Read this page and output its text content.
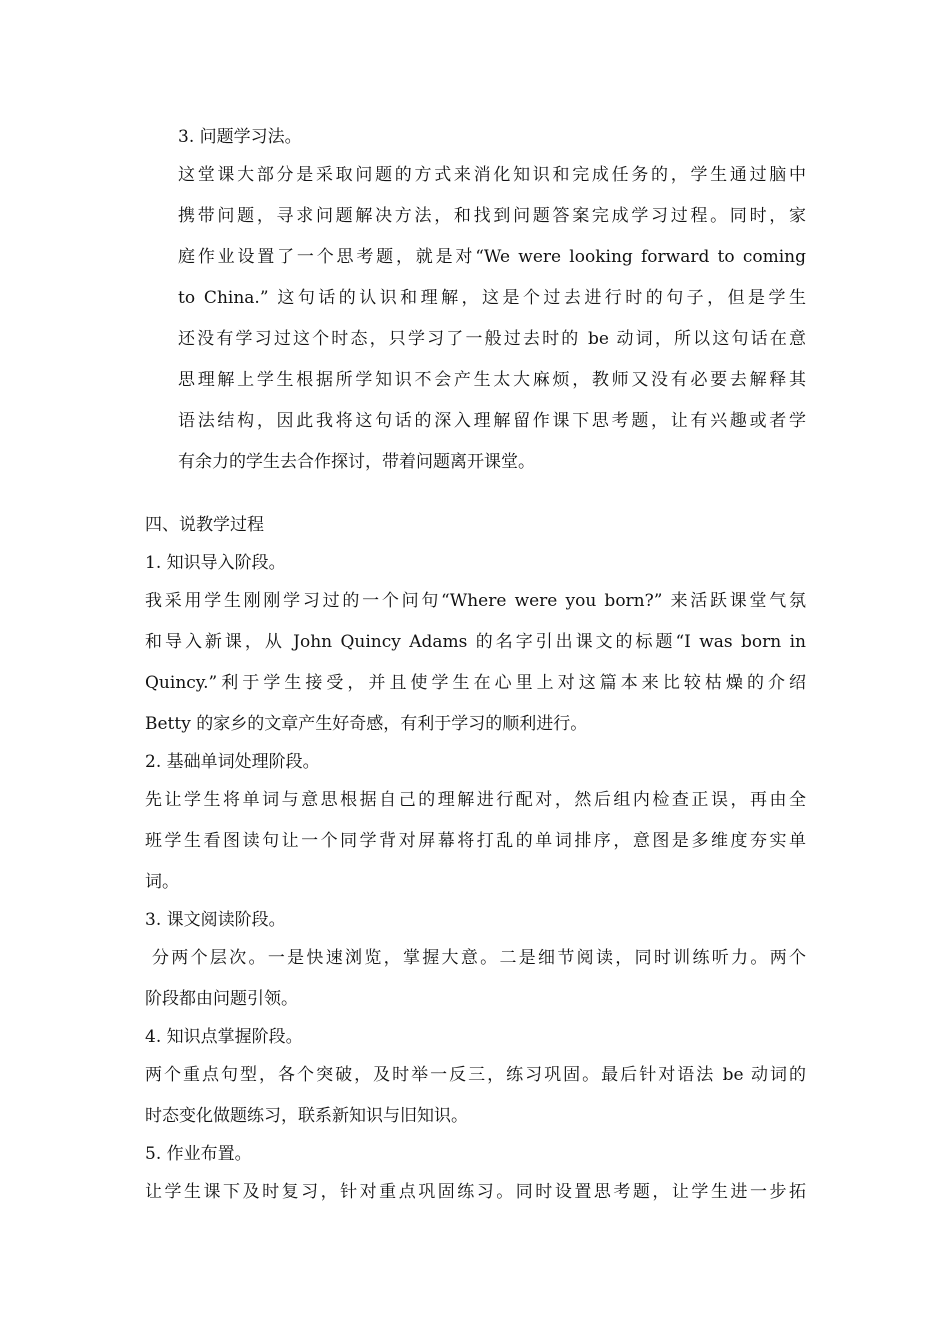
3. 问题学习法。
这堂课大部分是采取问题的方式来消化知识和完成任务的，学生通过脑中
携带问题，寻求问题解决方法，和找到问题答案完成学习过程。同时，家
庭作业设置了一个思考题，就是对“We were looking forward to coming
to China.” 这句话的认识和理解，这是个过去进行时的句子，但是学生
还没有学习过这个时态，只学习了一般过去时的 be 动词，所以这句话在意
思理解上学生根据所学知识不会产生太大麻烦，教师又没有必要去解释其
语法结构，因此我将这句话的深入理解留作课下思考题，让有兴趣或者学
有余力的学生去合作探讨，带着问题离开课堂。
四、说教学过程
1. 知识导入阶段。
我采用学生刚刚学习过的一个问句“Where were you born?” 来活跃课堂气氛
和导入新课，从 John Quincy Adams 的名字引出课文的标题“I was born in
Quincy.”利于学生接受，并且使学生在心里上对这篇本来比较枯燥的介绍
Betty 的家乡的文章产生好奇感，有利于学习的顺利进行。
2. 基础单词处理阶段。
先让学生将单词与意思根据自己的理解进行配对，然后组内检查正误，再由全
班学生看图读句让一个同学背对屏幕将打乱的单词排序，意图是多维度夯实单
词。
3. 课文阅读阶段。
分两个层次。一是快速浏览，掌握大意。二是细节阅读，同时训练听力。两个
阶段都由问题引领。
4. 知识点掌握阶段。
两个重点句型，各个突破，及时举一反三，练习巩固。最后针对语法 be 动词的
时态变化做题练习，联系新知识与旧知识。
5. 作业布置。
让学生课下及时复习，针对重点巩固练习。同时设置思考题，让学生进一步拓
